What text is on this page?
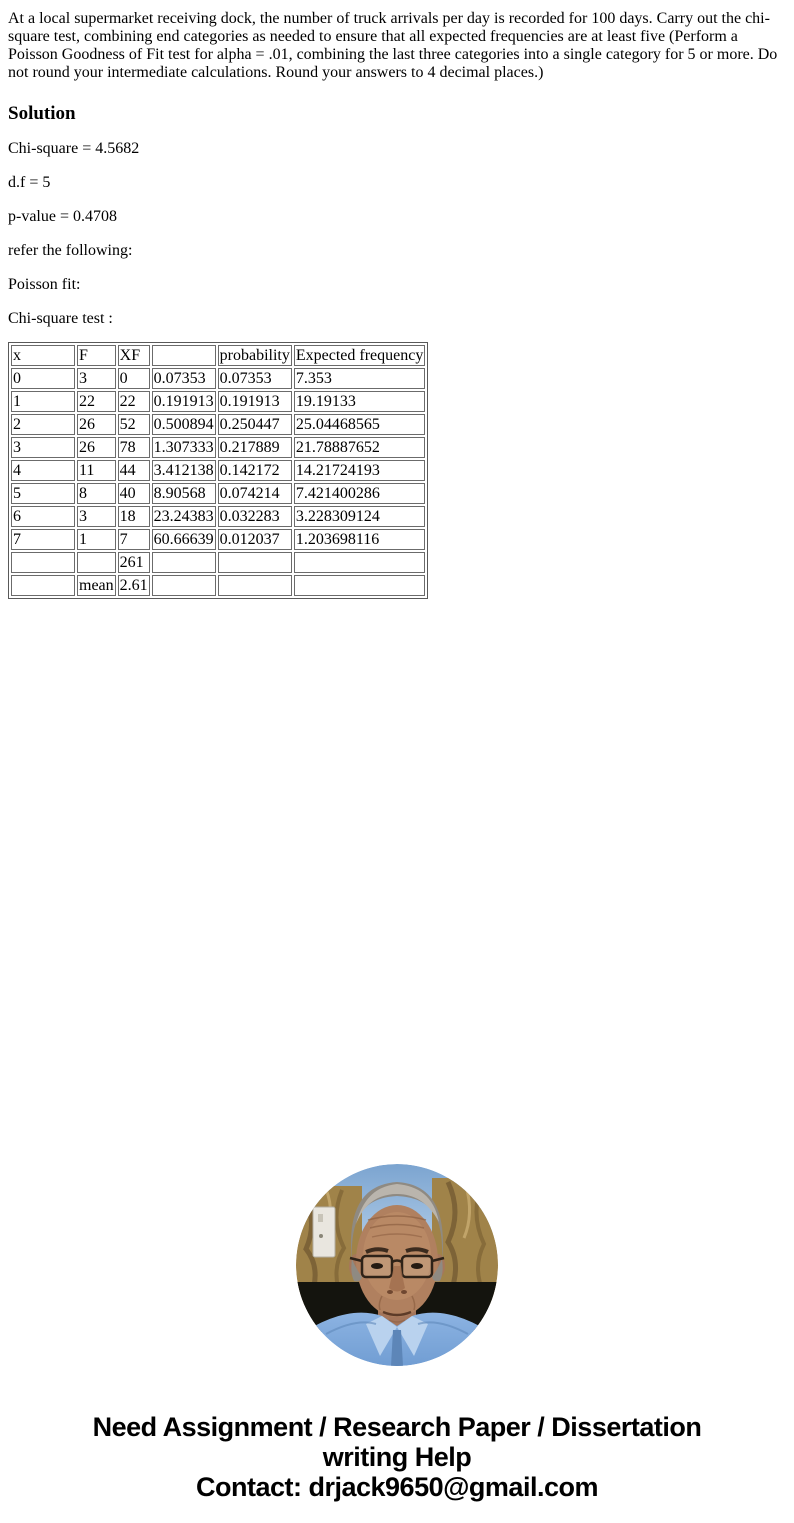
At a local supermarket receiving dock, the number of truck arrivals per day is recorded for 100 days. Carry out the chi-square test, combining end categories as needed to ensure that all expected frequencies are at least five (Perform a Poisson Goodness of Fit test for alpha = .01, combining the last three categories into a single category for 5 or more. Do not round your intermediate calculations. Round your answers to 4 decimal places.)

Solution

Chi-square = 4.5682

d.f = 5

p-value = 0.4708

refer the following:

Poisson fit:

Chi-square test :

x	F	XF		probability	Expected frequency
0	3	0	0.07353	0.07353	7.353
1	22	22	0.191913	0.191913	19.19133
2	26	52	0.500894	0.250447	25.04468565
3	26	78	1.307333	0.217889	21.78887652
4	11	44	3.412138	0.142172	14.21724193
5	8	40	8.90568	0.074214	7.421400286
6	3	18	23.24383	0.032283	3.228309124
7	1	7	60.66639	0.012037	1.203698116
		261			
	mean	2.61			
Need Assignment / Research Paper / Dissertation
writing Help
Contact: drjack9650@gmail.com
